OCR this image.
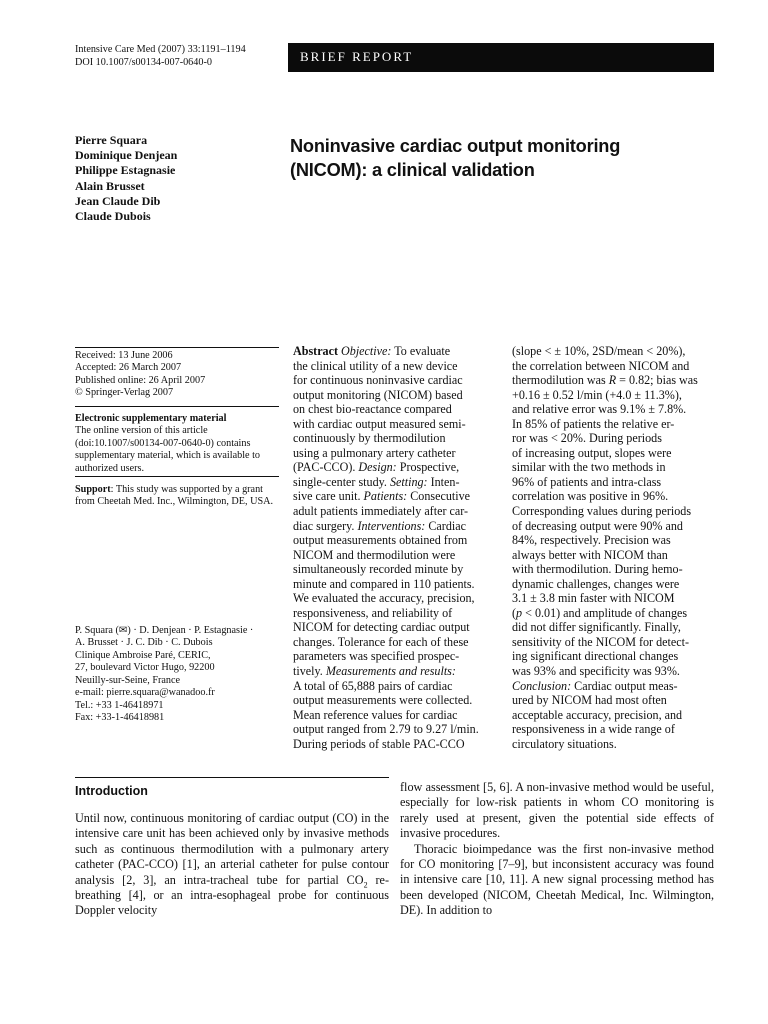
Intensive Care Med (2007) 33:1191–1194
DOI 10.1007/s00134-007-0640-0	BRIEF REPORT
Pierre Squara
Dominique Denjean
Philippe Estagnasie
Alain Brusset
Jean Claude Dib
Claude Dubois
Noninvasive cardiac output monitoring (NICOM): a clinical validation

Received: 13 June 2006

Accepted: 26 March 2007

Published online: 26 April 2007

© Springer-Verlag 2007

Electronic supplementary material

The online version of this article (doi:10.1007/s00134-007-0640-0) contains supplementary material, which is available to authorized users.

Support: This study was supported by a grant from Cheetah Med. Inc., Wilmington, DE, USA.

P. Squara (✉) · D. Denjean · P. Estagnasie ·

A. Brusset · J. C. Dib · C. Dubois

Clinique Ambroise Paré, CERIC,

27, boulevard Victor Hugo, 92200

Neuilly-sur-Seine, France

e-mail: pierre.squara@wanadoo.fr

Tel.: +33 1-46418971

Fax: +33-1-46418981

Abstract Objective: To evaluate
the clinical utility of a new device
for continuous noninvasive cardiac
output monitoring (NICOM) based
on chest bio-reactance compared
with cardiac output measured semi-
continuously by thermodilution
using a pulmonary artery catheter
(PAC-CCO). Design: Prospective,
single-center study. Setting: Inten-
sive care unit. Patients: Consecutive
adult patients immediately after car-
diac surgery. Interventions: Cardiac
output measurements obtained from
NICOM and thermodilution were
simultaneously recorded minute by
minute and compared in 110 patients.
We evaluated the accuracy, precision,
responsiveness, and reliability of
NICOM for detecting cardiac output
changes. Tolerance for each of these
parameters was specified prospec-
tively. Measurements and results:
A total of 65,888 pairs of cardiac
output measurements were collected.
Mean reference values for cardiac
output ranged from 2.79 to 9.27 l/min.
During periods of stable PAC-CCO

(slope < ± 10%, 2SD/mean < 20%),
the correlation between NICOM and
thermodilution was R = 0.82; bias was
+0.16 ± 0.52 l/min (+4.0 ± 11.3%),
and relative error was 9.1% ± 7.8%.
In 85% of patients the relative er-
ror was < 20%. During periods
of increasing output, slopes were
similar with the two methods in
96% of patients and intra-class
correlation was positive in 96%.
Corresponding values during periods
of decreasing output were 90% and
84%, respectively. Precision was
always better with NICOM than
with thermodilution. During hemo-
dynamic challenges, changes were
3.1 ± 3.8 min faster with NICOM
(p < 0.01) and amplitude of changes
did not differ significantly. Finally,
sensitivity of the NICOM for detect-
ing significant directional changes
was 93% and specificity was 93%.
Conclusion: Cardiac output meas-
ured by NICOM had most often
acceptable accuracy, precision, and
responsiveness in a wide range of
circulatory situations.

Introduction

Until now, continuous monitoring of cardiac output (CO) in the intensive care unit has been achieved only by invasive methods such as continuous thermodilution with a pulmonary artery catheter (PAC-CCO) [1], an arterial catheter for pulse contour analysis [2, 3], an intra-tracheal tube for partial $CO_2$ re-breathing [4], or an intra-esophageal probe for continuous Doppler velocity

flow assessment [5, 6]. A non-invasive method would be useful, especially for low-risk patients in whom CO monitoring is rarely used at present, given the potential side effects of invasive procedures.

Thoracic bioimpedance was the first non-invasive method for CO monitoring [7–9], but inconsistent accuracy was found in intensive care [10, 11]. A new signal processing method has been developed (NICOM, Cheetah Medical, Inc. Wilmington, DE). In addition to
